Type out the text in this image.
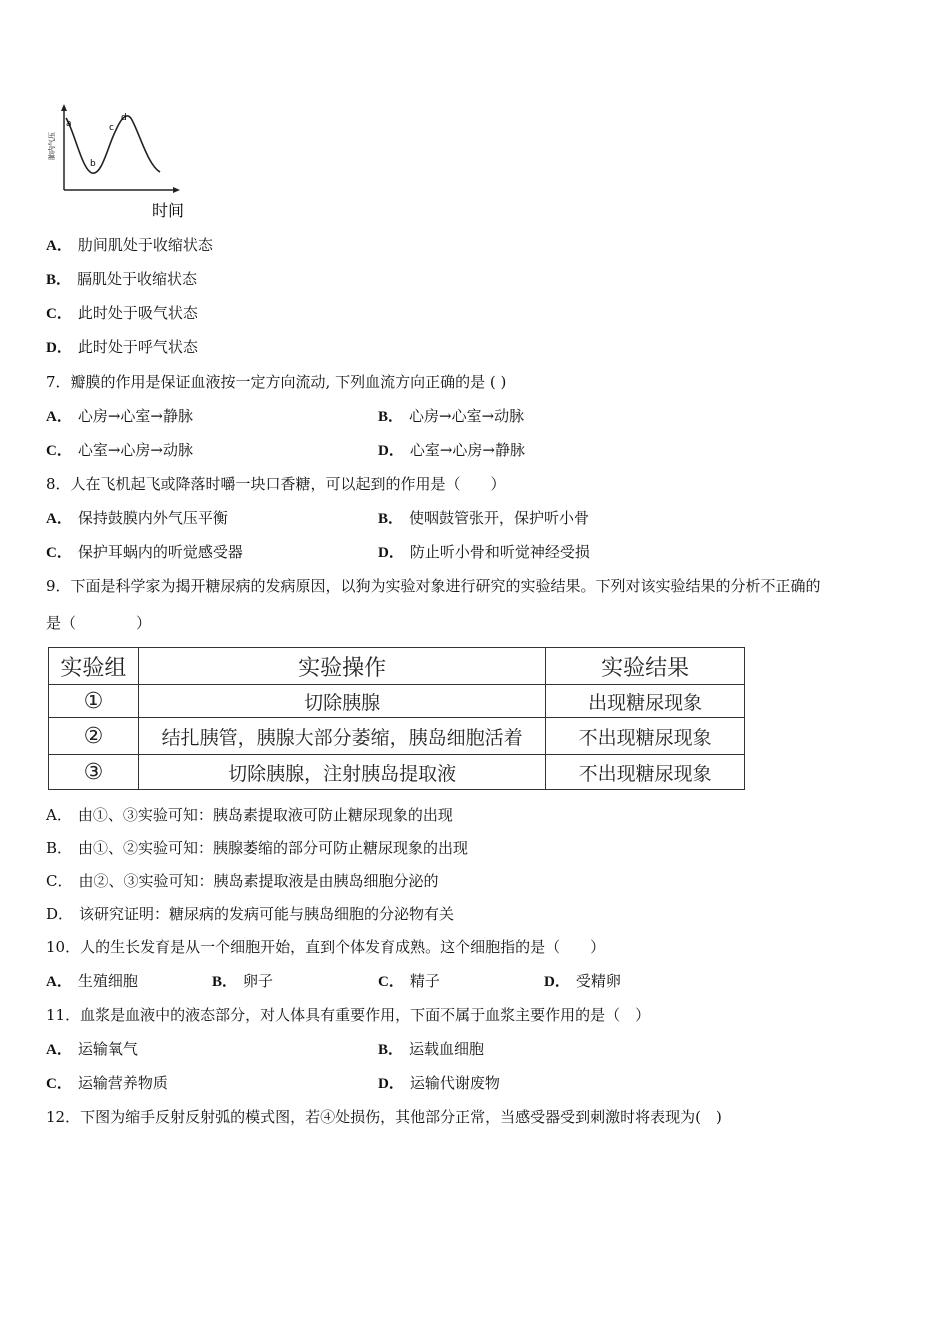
a
b
c
d
肺内气压
时间
A． 肋间肌处于收缩状态
B． 膈肌处于收缩状态
C． 此时处于吸气状态
D． 此时处于呼气状态
7．瓣膜的作用是保证血液按一定方向流动, 下列血流方向正确的是 ( )
A． 心房→心室→静脉	B． 心房→心室→动脉
C． 心室→心房→动脉	D． 心室→心房→静脉
8．人在飞机起飞或降落时嚼一块口香糖，可以起到的作用是（　　）
A． 保持鼓膜内外气压平衡	B． 使咽鼓管张开，保护听小骨
C． 保护耳蜗内的听觉感受器	D． 防止听小骨和听觉神经受损
9．下面是科学家为揭开糖尿病的发病原因，以狗为实验对象进行研究的实验结果。下列对该实验结果的分析不正确的
是（　　　　）
实验组	实验操作	实验结果
①	切除胰腺	出现糖尿现象
②	结扎胰管，胰腺大部分萎缩，胰岛细胞活着	不出现糖尿现象
③	切除胰腺，注射胰岛提取液	不出现糖尿现象
A． 由①、③实验可知：胰岛素提取液可防止糖尿现象的出现
B． 由①、②实验可知：胰腺萎缩的部分可防止糖尿现象的出现
C． 由②、③实验可知：胰岛素提取液是由胰岛细胞分泌的
D． 该研究证明：糖尿病的发病可能与胰岛细胞的分泌物有关
10．人的生长发育是从一个细胞开始，直到个体发育成熟。这个细胞指的是（　　）
A． 生殖细胞	B． 卵子	C． 精子	D． 受精卵
11．血浆是血液中的液态部分，对人体具有重要作用，下面不属于血浆主要作用的是（　）
A． 运输氧气	B． 运载血细胞
C． 运输营养物质	D． 运输代谢废物
12．下图为缩手反射反射弧的模式图，若④处损伤，其他部分正常，当感受器受到刺激时将表现为(　)
